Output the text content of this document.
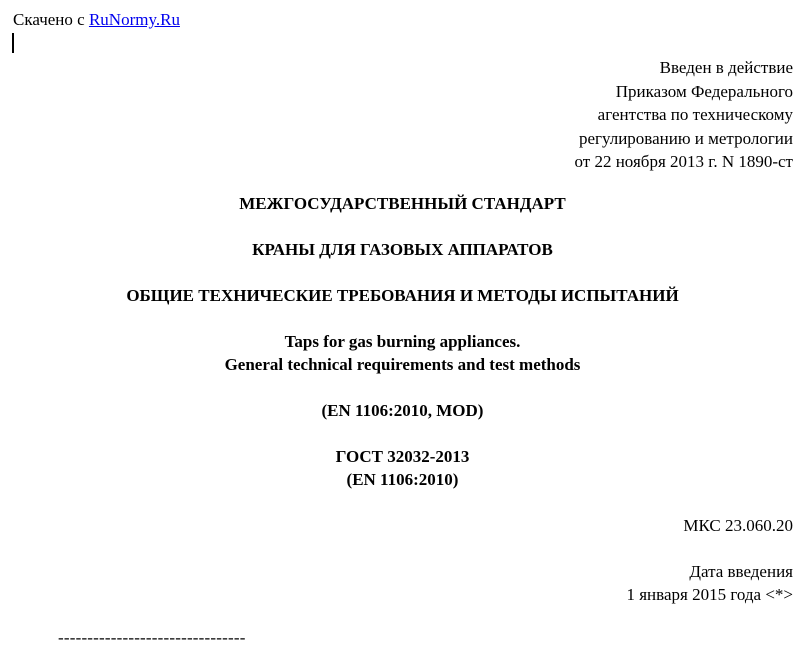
Скачено с RuNormy.Ru
Введен в действие
Приказом Федерального
агентства по техническому
регулированию и метрологии
от 22 ноября 2013 г. N 1890-ст
МЕЖГОСУДАРСТВЕННЫЙ СТАНДАРТ
КРАНЫ ДЛЯ ГАЗОВЫХ АППАРАТОВ
ОБЩИЕ ТЕХНИЧЕСКИЕ ТРЕБОВАНИЯ И МЕТОДЫ ИСПЫТАНИЙ
Taps for gas burning appliances.
General technical requirements and test methods
(EN 1106:2010, MOD)
ГОСТ 32032-2013
(EN 1106:2010)
МКС 23.060.20
Дата введения
1 января 2015 года <*>
--------------------------------
